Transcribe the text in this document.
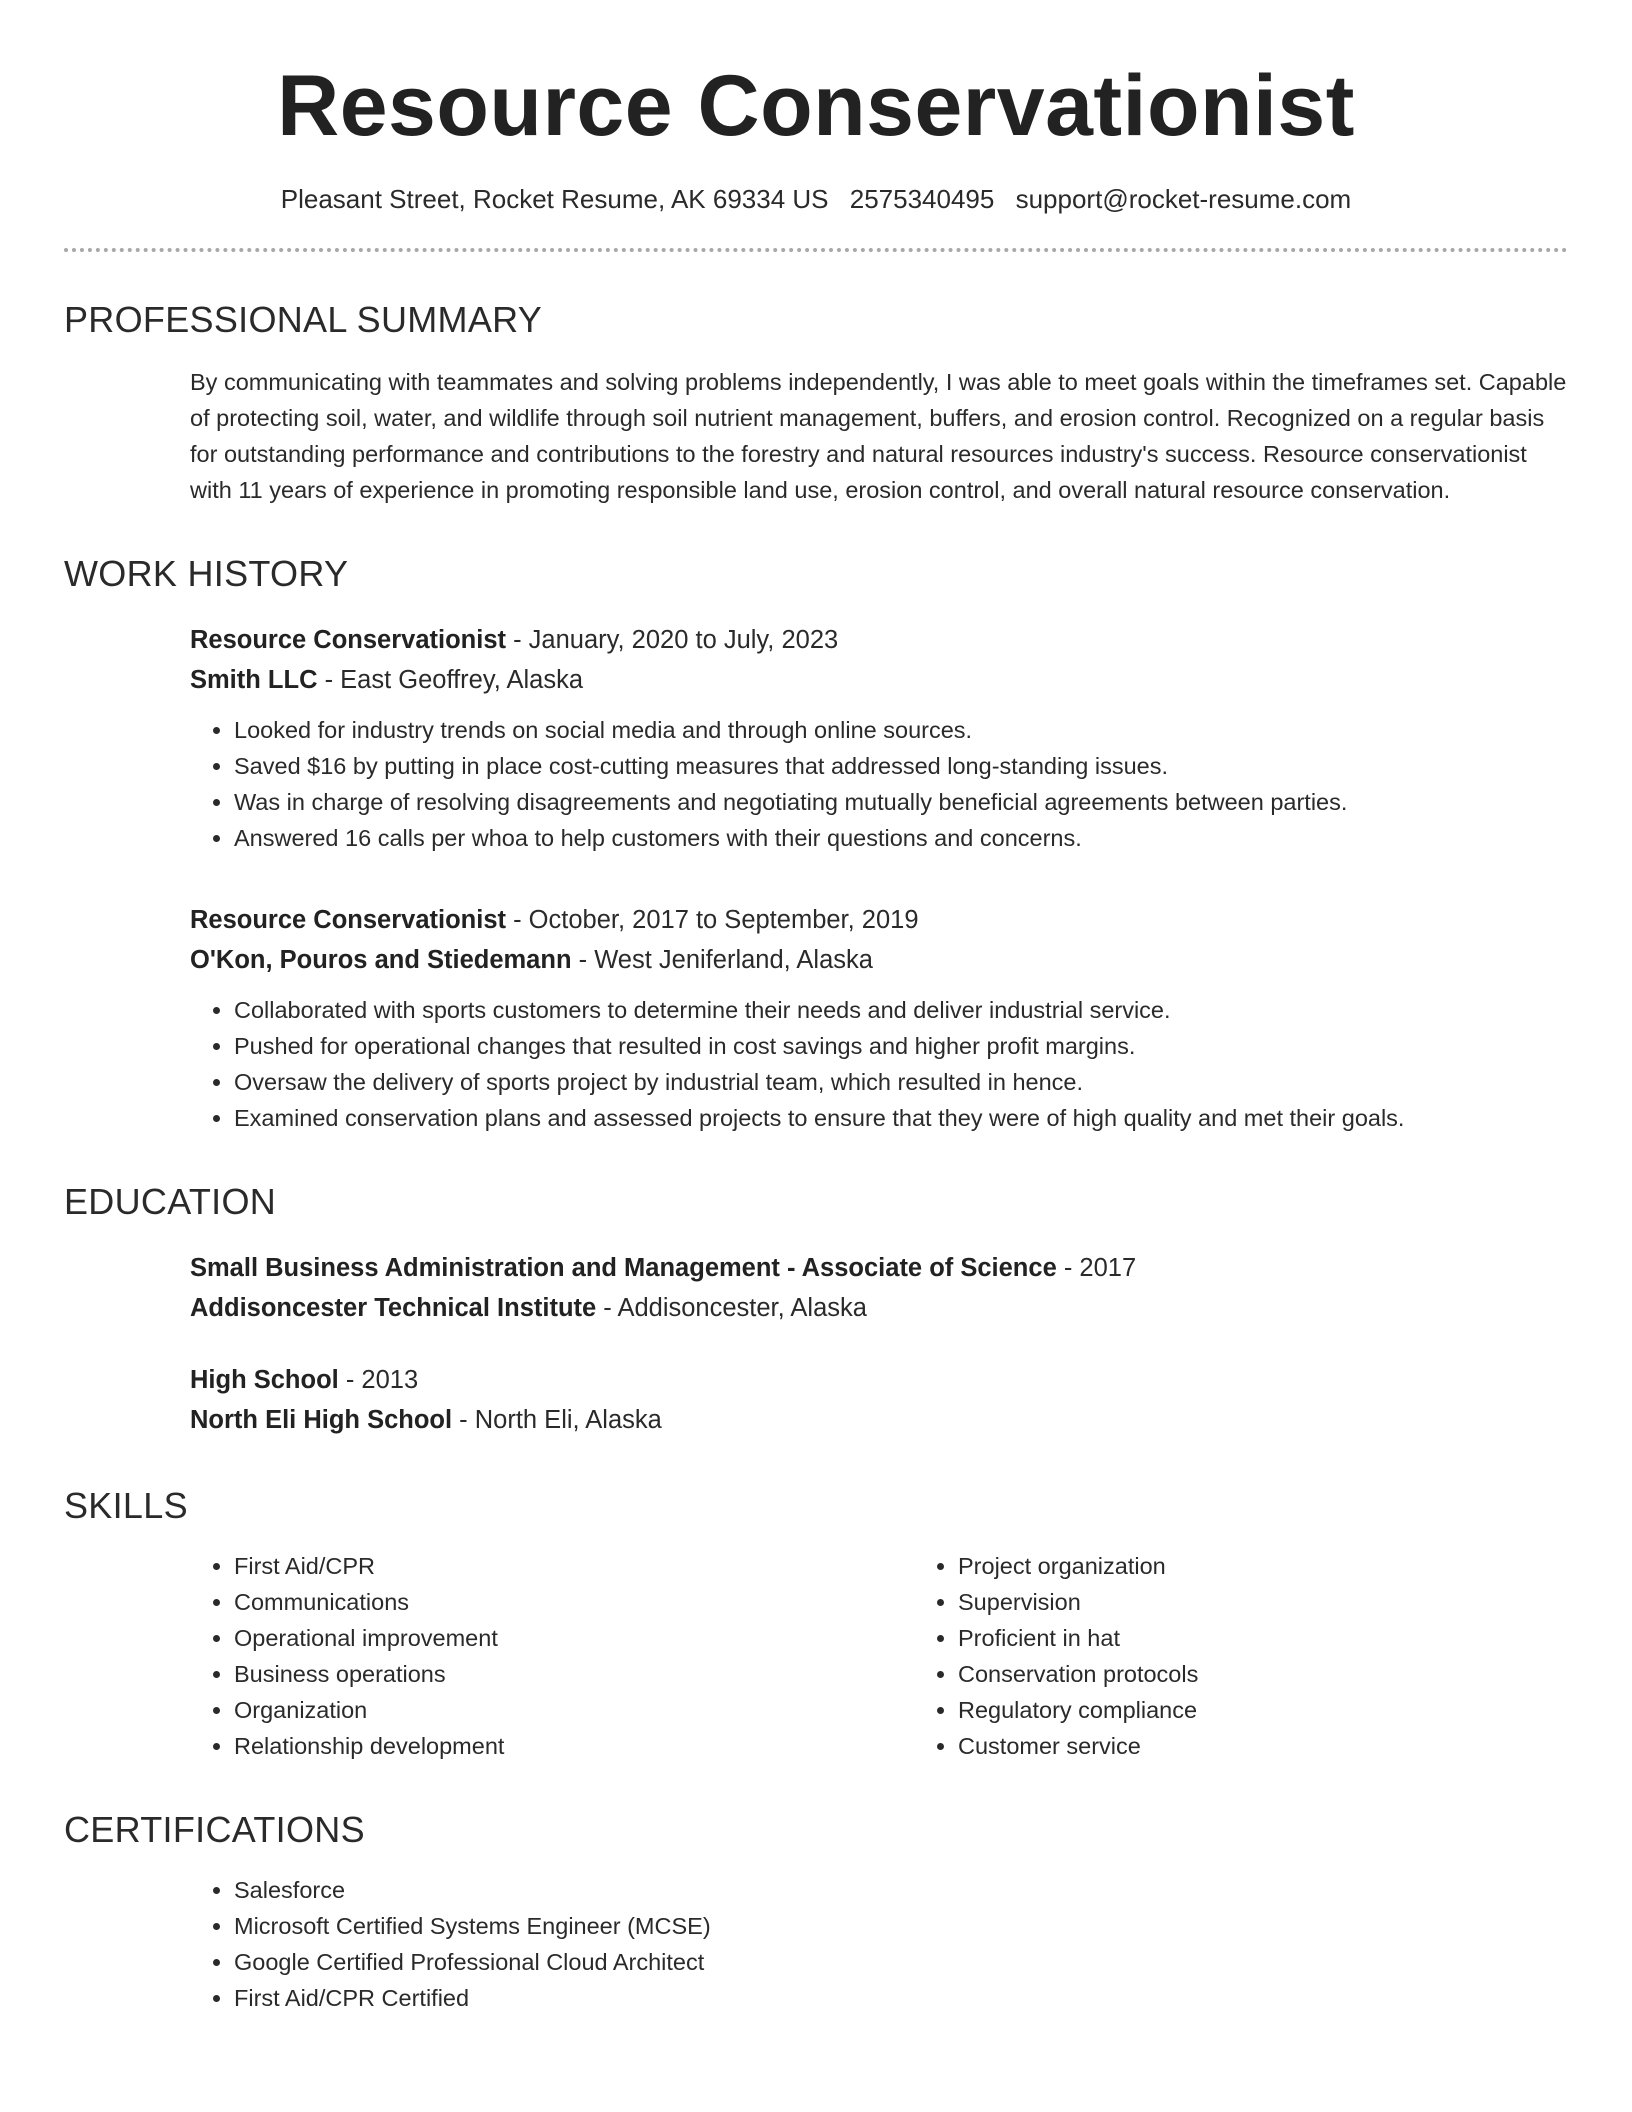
Resource Conservationist
Pleasant Street, Rocket Resume, AK 69334 US 2575340495 support@rocket-resume.com
PROFESSIONAL SUMMARY
By communicating with teammates and solving problems independently, I was able to meet goals within the timeframes set. Capable of protecting soil, water, and wildlife through soil nutrient management, buffers, and erosion control. Recognized on a regular basis for outstanding performance and contributions to the forestry and natural resources industry's success. Resource conservationist with 11 years of experience in promoting responsible land use, erosion control, and overall natural resource conservation.
WORK HISTORY
Resource Conservationist - January, 2020 to July, 2023
Smith LLC - East Geoffrey, Alaska
• Looked for industry trends on social media and through online sources.
• Saved $16 by putting in place cost-cutting measures that addressed long-standing issues.
• Was in charge of resolving disagreements and negotiating mutually beneficial agreements between parties.
• Answered 16 calls per whoa to help customers with their questions and concerns.
Resource Conservationist - October, 2017 to September, 2019
O'Kon, Pouros and Stiedemann - West Jeniferland, Alaska
• Collaborated with sports customers to determine their needs and deliver industrial service.
• Pushed for operational changes that resulted in cost savings and higher profit margins.
• Oversaw the delivery of sports project by industrial team, which resulted in hence.
• Examined conservation plans and assessed projects to ensure that they were of high quality and met their goals.
EDUCATION
Small Business Administration and Management - Associate of Science - 2017
Addisoncester Technical Institute - Addisoncester, Alaska
High School - 2013
North Eli High School - North Eli, Alaska
SKILLS
• First Aid/CPR
• Communications
• Operational improvement
• Business operations
• Organization
• Relationship development
• Project organization
• Supervision
• Proficient in hat
• Conservation protocols
• Regulatory compliance
• Customer service
CERTIFICATIONS
• Salesforce
• Microsoft Certified Systems Engineer (MCSE)
• Google Certified Professional Cloud Architect
• First Aid/CPR Certified
